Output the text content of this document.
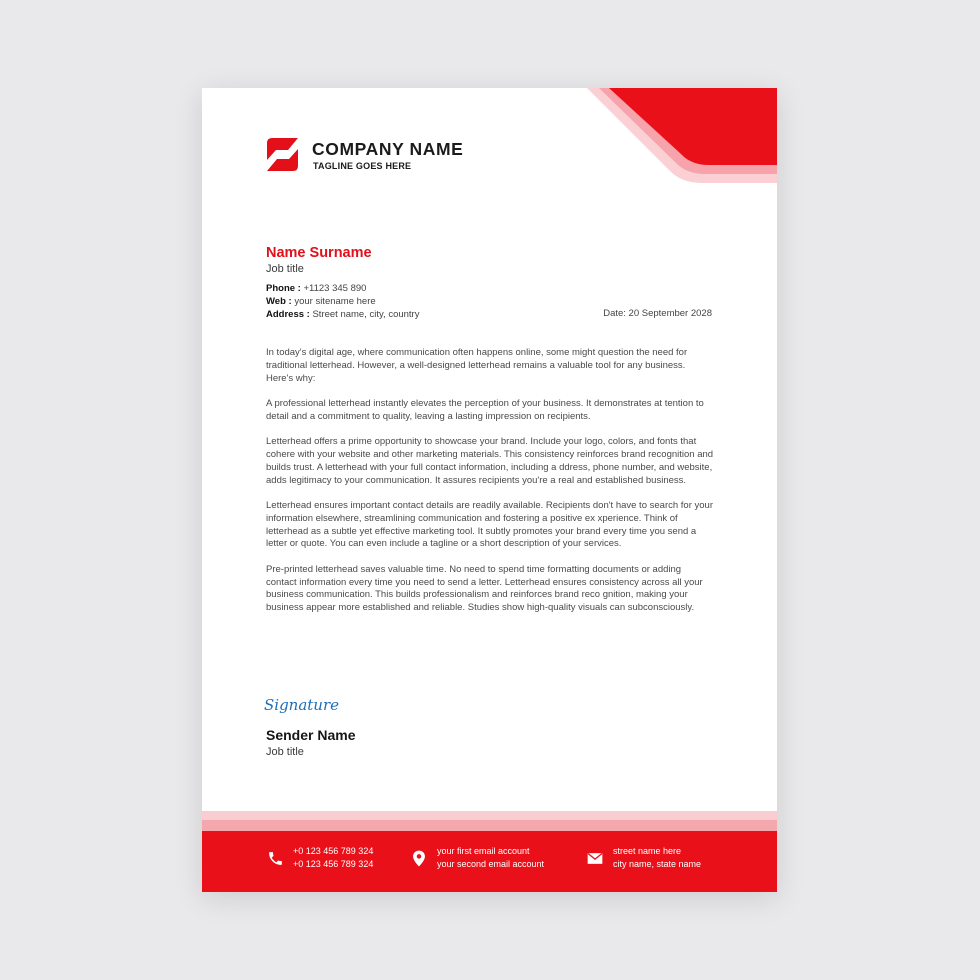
COMPANY NAME
TAGLINE GOES HERE
Name Surname
Job title
Phone : +1123 345 890
Web : your sitename here
Address : Street name, city, country	Date: 20 September 2028

In today's digital age, where communication often happens online, some might question the need for traditional letterhead. However, a well-designed letterhead remains a valuable tool for any business. Here's why:

A professional letterhead instantly elevates the perception of your business. It demonstrates at tention to detail and a commitment to quality, leaving a lasting impression on recipients.

Letterhead offers a prime opportunity to showcase your brand. Include your logo, colors, and fonts that cohere with your website and other marketing materials. This consistency reinforces brand recognition and builds trust. A letterhead with your full contact information, including a ddress, phone number, and website, adds legitimacy to your communication. It assures recipients you're a real and established business.

Letterhead ensures important contact details are readily available. Recipients don't have to search for your information elsewhere, streamlining communication and fostering a positive ex xperience. Think of letterhead as a subtle yet effective marketing tool. It subtly promotes your brand every time you send a letter or quote. You can even include a tagline or a short description of your services.

Pre-printed letterhead saves valuable time. No need to spend time formatting documents or adding contact information every time you need to send a letter. Letterhead ensures consistency across all your business communication. This builds professionalism and reinforces brand reco gnition, making your business appear more established and reliable. Studies show high-quality visuals can subconsciously.

Signature
Sender Name
Job title
+0 123 456 789 324
+0 123 456 789 324
your first email account
your second email account
street name here
city name, state name
